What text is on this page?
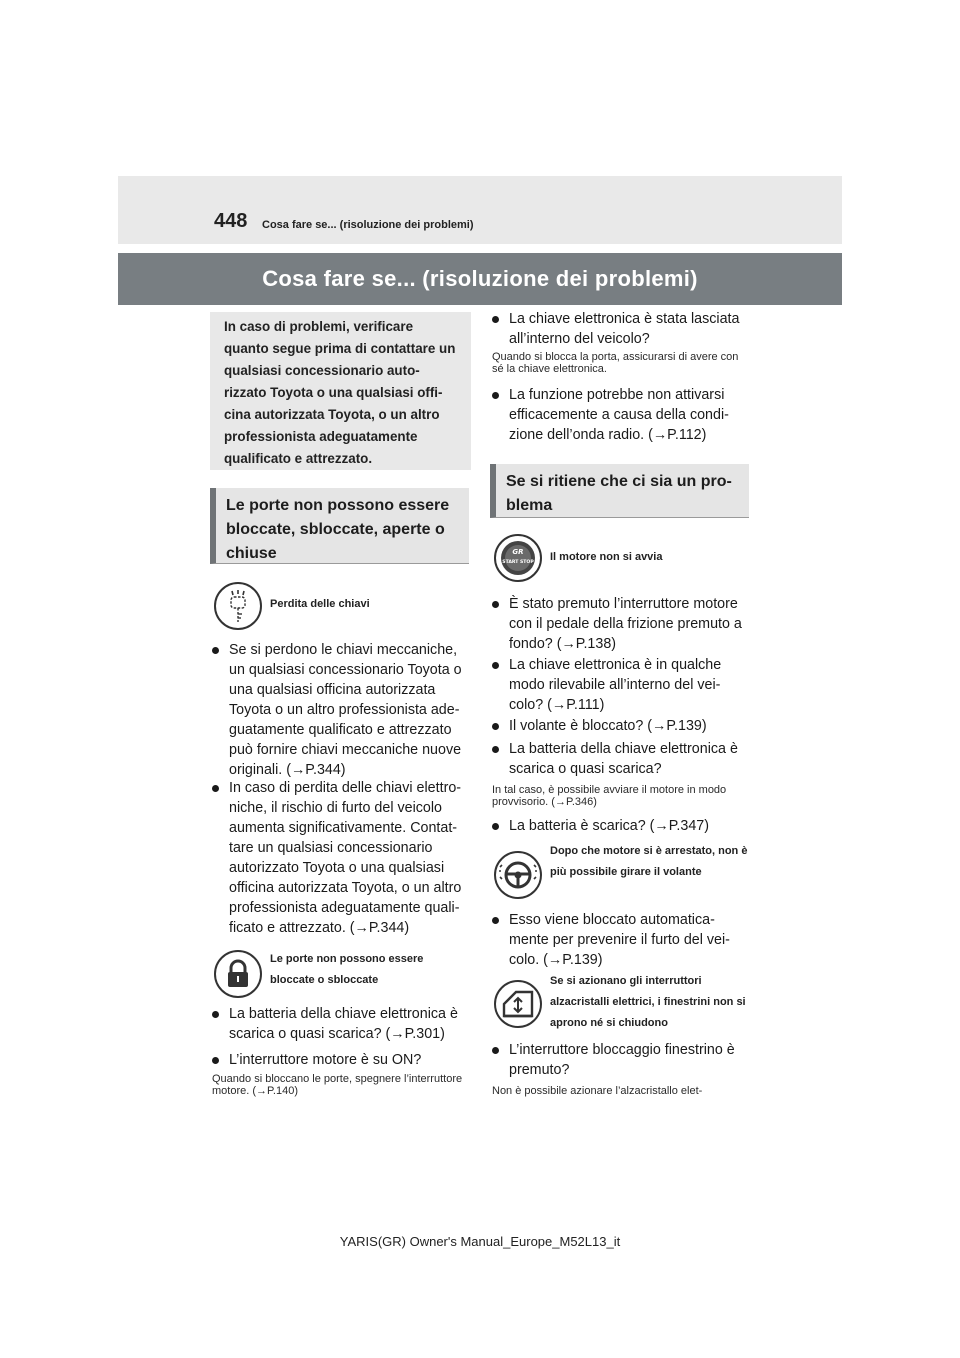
448 Cosa fare se... (risoluzione dei problemi)
Cosa fare se... (risoluzione dei problemi)
In caso di problemi, verificare quanto segue prima di contattare un qualsiasi concessionario auto- rizzato Toyota o una qualsiasi offi- cina autorizzata Toyota, o un altro professionista adeguatamente qualificato e attrezzato.
Le porte non possono essere bloccate, sbloccate, aperte o chiuse
Perdita delle chiavi
Se si perdono le chiavi meccaniche, un qualsiasi concessionario Toyota o una qualsiasi officina autorizzata Toyota o un altro professionista ade- guatamente qualificato e attrezzato può fornire chiavi meccaniche nuove originali. (→P.344)
In caso di perdita delle chiavi elettro- niche, il rischio di furto del veicolo aumenta significativamente. Contat- tare un qualsiasi concessionario autorizzato Toyota o una qualsiasi officina autorizzata Toyota, o un altro professionista adeguatamente quali- ficato e attrezzato. (→P.344)
Le porte non possono essere bloccate o sbloccate
La batteria della chiave elettronica è scarica o quasi scarica? (→P.301)
L’interruttore motore è su ON?
Quando si bloccano le porte, spegnere l’interruttore motore. (→P.140)
La chiave elettronica è stata lasciata all’interno del veicolo?
Quando si blocca la porta, assicurarsi di avere con sé la chiave elettronica.
La funzione potrebbe non attivarsi efficacemente a causa della condi- zione dell’onda radio. (→P.112)
Se si ritiene che ci sia un pro- blema
GR
START STOP Il motore non si avvia
È stato premuto l’interruttore motore con il pedale della frizione premuto a fondo? (→P.138)
La chiave elettronica è in qualche modo rilevabile all’interno del vei- colo? (→P.111)
Il volante è bloccato? (→P.139)
La batteria della chiave elettronica è scarica o quasi scarica?
In tal caso, è possibile avviare il motore in modo provvisorio. (→P.346)
La batteria è scarica? (→P.347)
Dopo che motore si è arrestato, non è più possibile girare il volante
Esso viene bloccato automatica- mente per prevenire il furto del vei- colo. (→P.139)
Se si azionano gli interruttori alzacristalli elettrici, i finestrini non si aprono né si chiudono
L’interruttore bloccaggio finestrino è premuto?
Non è possibile azionare l’alzacristallo elet-
YARIS(GR) Owner's Manual_Europe_M52L13_it
